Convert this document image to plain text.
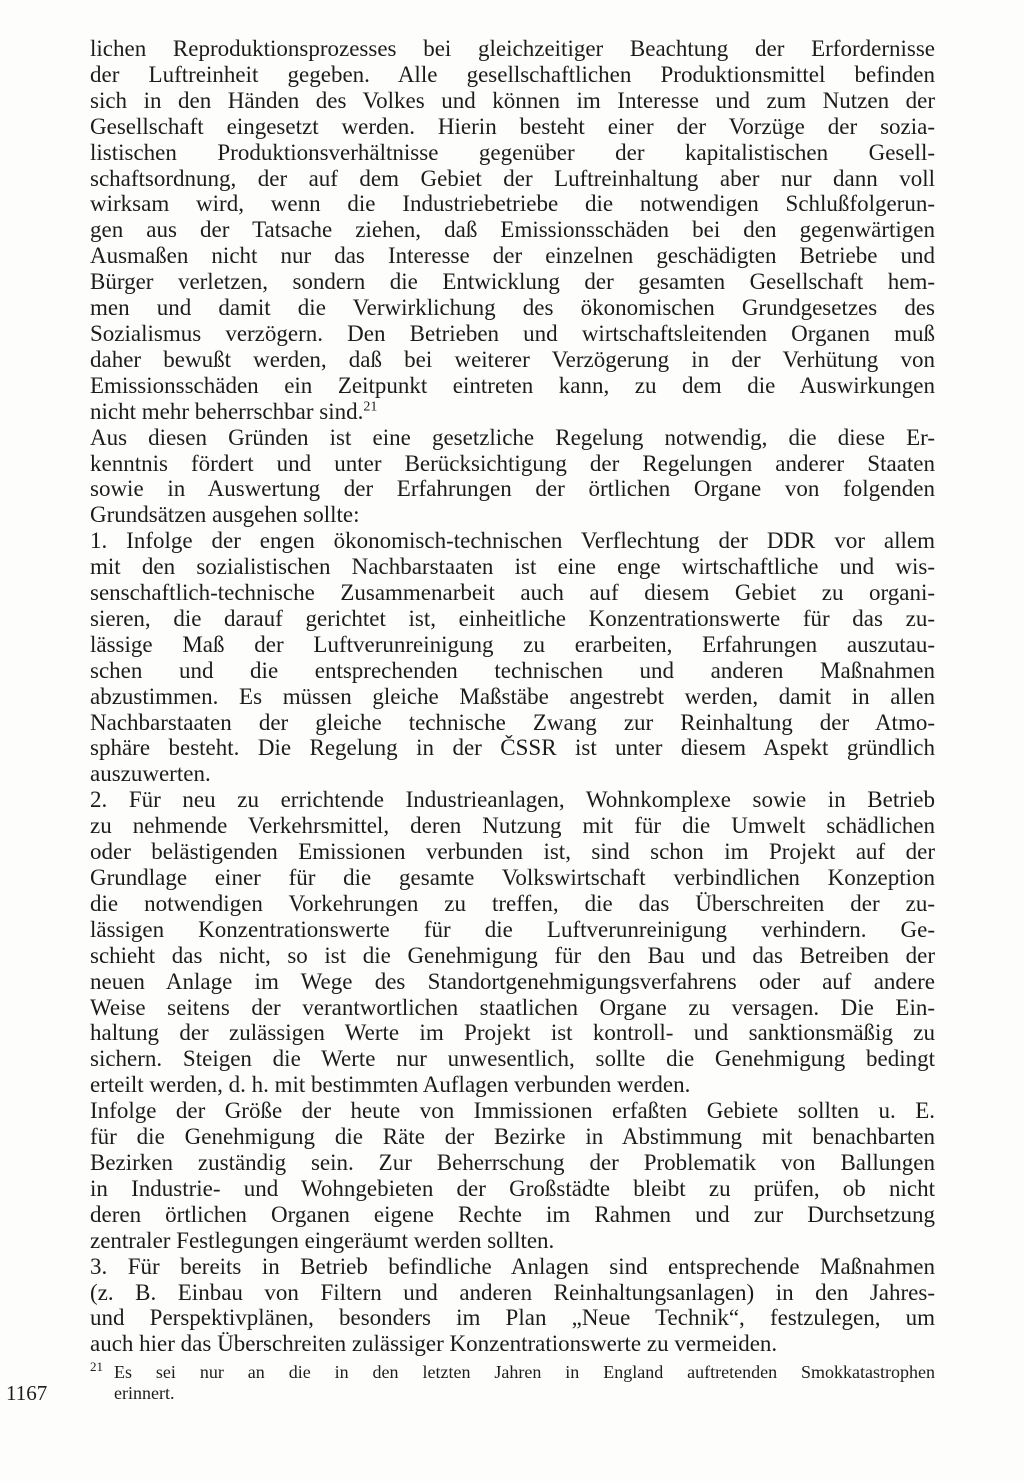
lichen Reproduktionsprozesses bei gleichzeitiger Beachtung der Erfordernisse
der Luftreinheit gegeben. Alle gesellschaftlichen Produktionsmittel befinden
sich in den Händen des Volkes und können im Interesse und zum Nutzen der
Gesellschaft eingesetzt werden. Hierin besteht einer der Vorzüge der sozia-
listischen Produktionsverhältnisse gegenüber der kapitalistischen Gesell-
schaftsordnung, der auf dem Gebiet der Luftreinhaltung aber nur dann voll
wirksam wird, wenn die Industriebetriebe die notwendigen Schlußfolgerun-
gen aus der Tatsache ziehen, daß Emissionsschäden bei den gegenwärtigen
Ausmaßen nicht nur das Interesse der einzelnen geschädigten Betriebe und
Bürger verletzen, sondern die Entwicklung der gesamten Gesellschaft hem-
men und damit die Verwirklichung des ökonomischen Grundgesetzes des
Sozialismus verzögern. Den Betrieben und wirtschaftsleitenden Organen muß
daher bewußt werden, daß bei weiterer Verzögerung in der Verhütung von
Emissionsschäden ein Zeitpunkt eintreten kann, zu dem die Auswirkungen
nicht mehr beherrschbar sind.$^{21}$
Aus diesen Gründen ist eine gesetzliche Regelung notwendig, die diese Er-
kenntnis fördert und unter Berücksichtigung der Regelungen anderer Staaten
sowie in Auswertung der Erfahrungen der örtlichen Organe von folgenden
Grundsätzen ausgehen sollte:
1. Infolge der engen ökonomisch-technischen Verflechtung der DDR vor allem
mit den sozialistischen Nachbarstaaten ist eine enge wirtschaftliche und wis-
senschaftlich-technische Zusammenarbeit auch auf diesem Gebiet zu organi-
sieren, die darauf gerichtet ist, einheitliche Konzentrationswerte für das zu-
lässige Maß der Luftverunreinigung zu erarbeiten, Erfahrungen auszutau-
schen und die entsprechenden technischen und anderen Maßnahmen
abzustimmen. Es müssen gleiche Maßstäbe angestrebt werden, damit in allen
Nachbarstaaten der gleiche technische Zwang zur Reinhaltung der Atmo-
sphäre besteht. Die Regelung in der ČSSR ist unter diesem Aspekt gründlich
auszuwerten.
2. Für neu zu errichtende Industrieanlagen, Wohnkomplexe sowie in Betrieb
zu nehmende Verkehrsmittel, deren Nutzung mit für die Umwelt schädlichen
oder belästigenden Emissionen verbunden ist, sind schon im Projekt auf der
Grundlage einer für die gesamte Volkswirtschaft verbindlichen Konzeption
die notwendigen Vorkehrungen zu treffen, die das Überschreiten der zu-
lässigen Konzentrationswerte für die Luftverunreinigung verhindern. Ge-
schieht das nicht, so ist die Genehmigung für den Bau und das Betreiben der
neuen Anlage im Wege des Standortgenehmigungsverfahrens oder auf andere
Weise seitens der verantwortlichen staatlichen Organe zu versagen. Die Ein-
haltung der zulässigen Werte im Projekt ist kontroll- und sanktionsmäßig zu
sichern. Steigen die Werte nur unwesentlich, sollte die Genehmigung bedingt
erteilt werden, d. h. mit bestimmten Auflagen verbunden werden.
Infolge der Größe der heute von Immissionen erfaßten Gebiete sollten u. E.
für die Genehmigung die Räte der Bezirke in Abstimmung mit benachbarten
Bezirken zuständig sein. Zur Beherrschung der Problematik von Ballungen
in Industrie- und Wohngebieten der Großstädte bleibt zu prüfen, ob nicht
deren örtlichen Organen eigene Rechte im Rahmen und zur Durchsetzung
zentraler Festlegungen eingeräumt werden sollten.
3. Für bereits in Betrieb befindliche Anlagen sind entsprechende Maßnahmen
(z. B. Einbau von Filtern und anderen Reinhaltungsanlagen) in den Jahres-
und Perspektivplänen, besonders im Plan „Neue Technik“, festzulegen, um
auch hier das Überschreiten zulässiger Konzentrationswerte zu vermeiden.
21 Es sei nur an die in den letzten Jahren in England auftretenden Smokkatastrophen
erinnert.
1167
